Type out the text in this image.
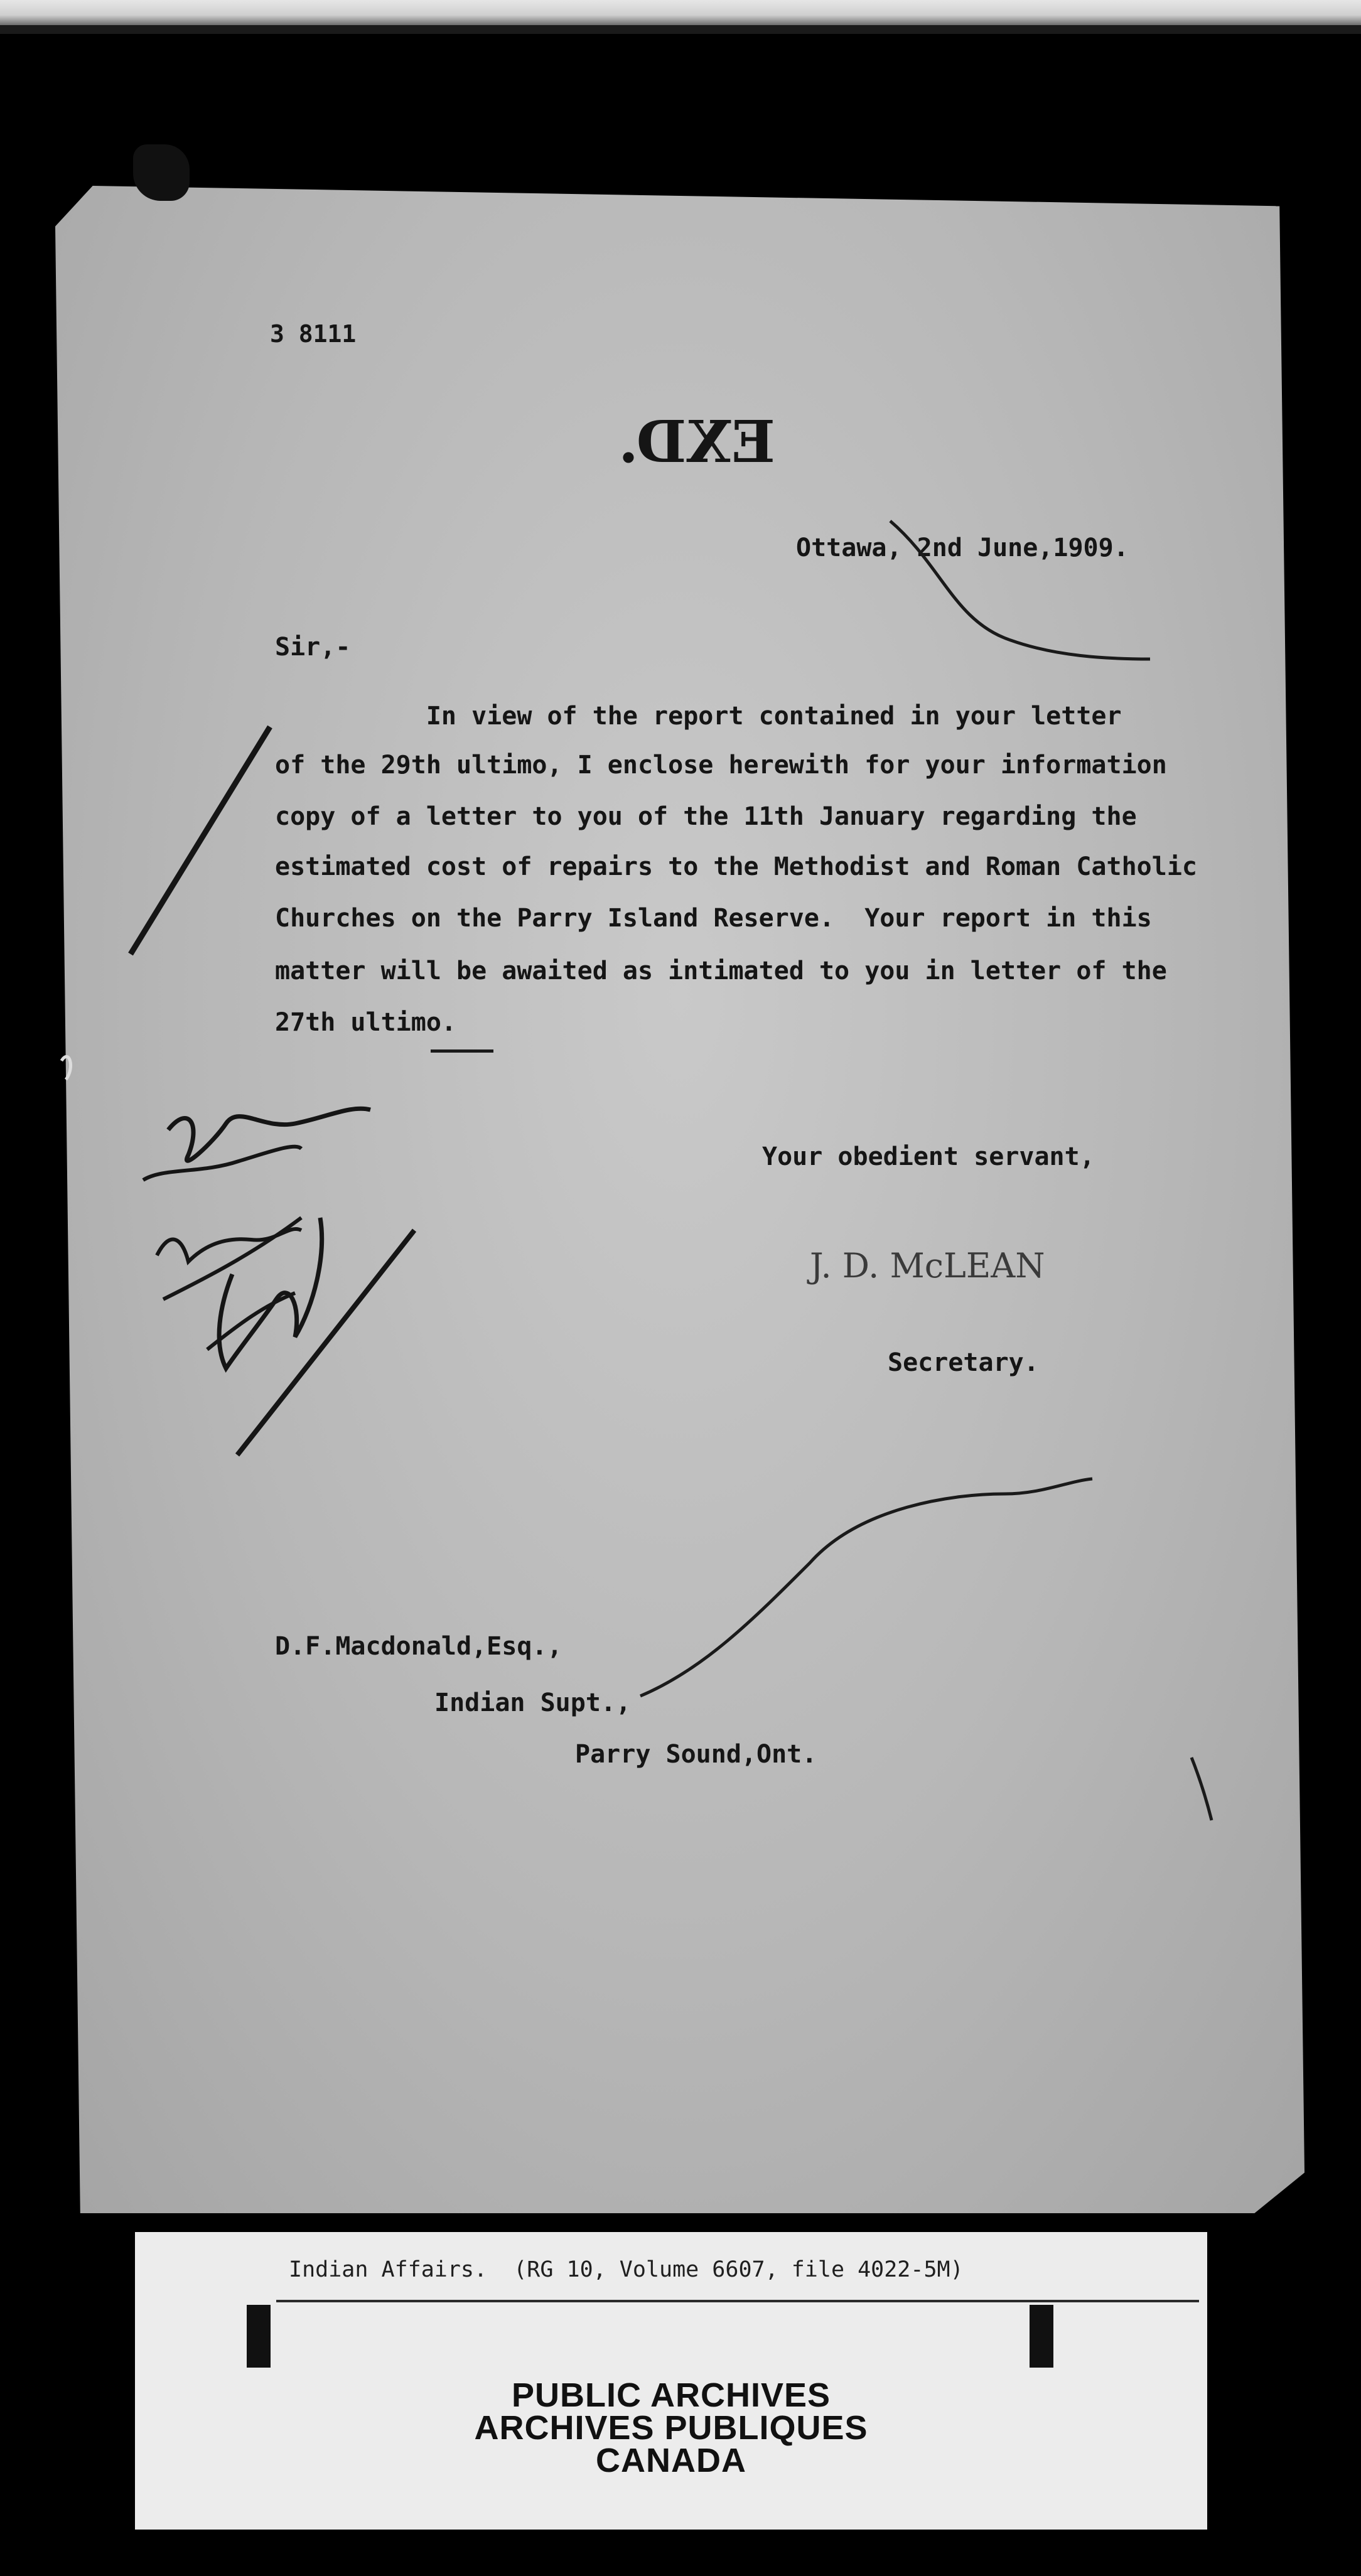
3 8111
EXD.
Ottawa, 2nd June,1909.
Sir,-
In view of the report contained in your letter
of the 29th ultimo, I enclose herewith for your information
copy of a letter to you of the 11th January regarding the
estimated cost of repairs to the Methodist and Roman Catholic
Churches on the Parry Island Reserve.  Your report in this
matter will be awaited as intimated to you in letter of the
27th ultimo.
Your obedient servant,
J. D. McLEAN
Secretary.
D.F.Macdonald,Esq.,
Indian Supt.,
Parry Sound,Ont.
Indian Affairs.  (RG 10, Volume 6607, file 4022-5M)
PUBLIC ARCHIVES
ARCHIVES PUBLIQUES
CANADA
